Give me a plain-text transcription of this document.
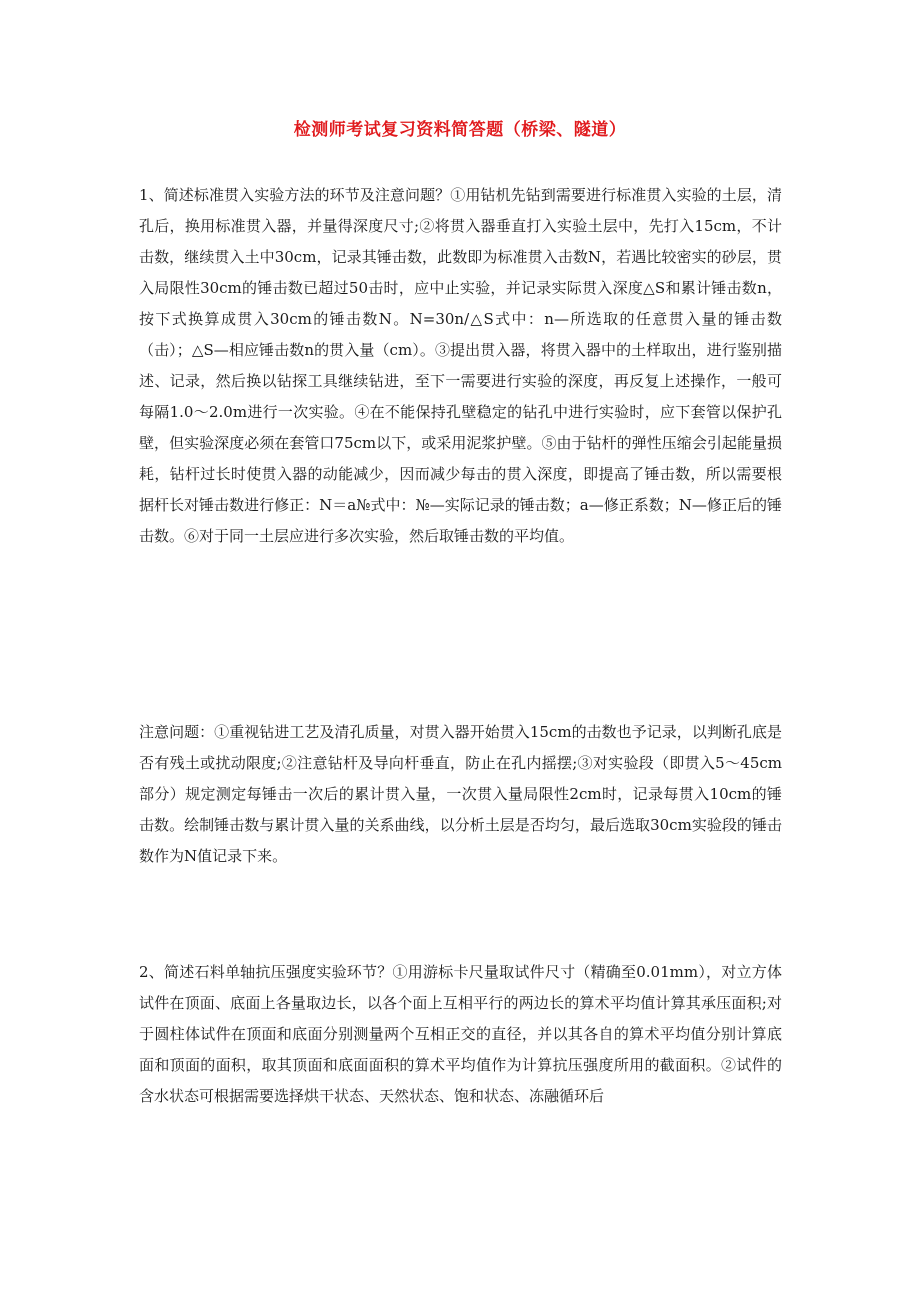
检测师考试复习资料简答题（桥梁、隧道）

1、简述标准贯入实验方法的环节及注意问题？①用钻机先钻到需要进行标准贯入实验的土层，清孔后，换用标准贯入器，并量得深度尺寸;②将贯入器垂直打入实验土层中，先打入15cm，不计击数，继续贯入土中30cm，记录其锤击数，此数即为标准贯入击数N，若遇比较密实的砂层，贯入局限性30cm的锤击数已超过50击时，应中止实验，并记录实际贯入深度△S和累计锤击数n，按下式换算成贯入30cm的锤击数N。N=30n/△S式中：n—所选取的任意贯入量的锤击数（击）；△S—相应锤击数n的贯入量（cm）。③提出贯入器，将贯入器中的土样取出，进行鉴别描述、记录，然后换以钻探工具继续钻进，至下一需要进行实验的深度，再反复上述操作，一般可每隔1.0～2.0m进行一次实验。④在不能保持孔壁稳定的钻孔中进行实验时，应下套管以保护孔壁，但实验深度必须在套管口75cm以下，或采用泥浆护壁。⑤由于钻杆的弹性压缩会引起能量损耗，钻杆过长时使贯入器的动能减少，因而减少每击的贯入深度，即提高了锤击数，所以需要根据杆长对锤击数进行修正：N＝a№式中：№—实际记录的锤击数；a—修正系数；N—修正后的锤击数。⑥对于同一土层应进行多次实验，然后取锤击数的平均值。

注意问题：①重视钻进工艺及清孔质量，对贯入器开始贯入15cm的击数也予记录，以判断孔底是否有残土或扰动限度;②注意钻杆及导向杆垂直，防止在孔内摇摆;③对实验段（即贯入5～45cm部分）规定测定每锤击一次后的累计贯入量，一次贯入量局限性2cm时，记录每贯入10cm的锤击数。绘制锤击数与累计贯入量的关系曲线，以分析土层是否均匀，最后选取30cm实验段的锤击数作为N值记录下来。

2、简述石料单轴抗压强度实验环节？①用游标卡尺量取试件尺寸（精确至0.01mm），对立方体试件在顶面、底面上各量取边长，以各个面上互相平行的两边长的算术平均值计算其承压面积;对于圆柱体试件在顶面和底面分别测量两个互相正交的直径，并以其各自的算术平均值分别计算底面和顶面的面积，取其顶面和底面面积的算术平均值作为计算抗压强度所用的截面积。②试件的含水状态可根据需要选择烘干状态、天然状态、饱和状态、冻融循环后
